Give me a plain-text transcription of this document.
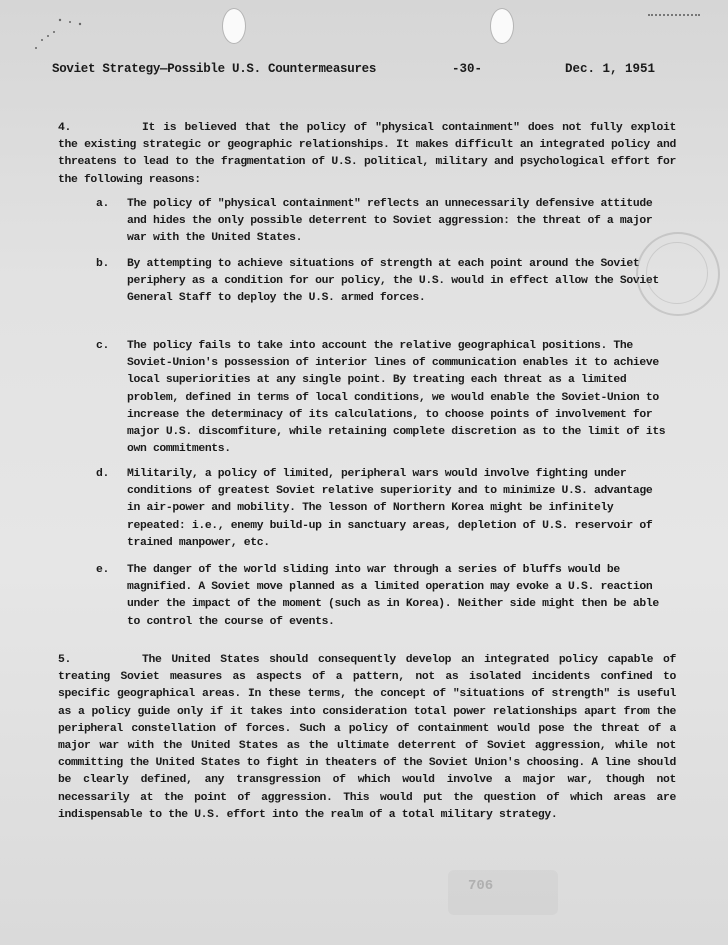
Soviet Strategy—Possible U.S. Countermeasures	-30-	Dec. 1, 1951
4.	It is believed that the policy of "physical containment" does not fully exploit the existing strategic or geographic relationships. It makes difficult an integrated policy and threatens to lead to the fragmentation of U.S. political, military and psychological effort for the following reasons:
a. The policy of "physical containment" reflects an unnecessarily defensive attitude and hides the only possible deterrent to Soviet aggression: the threat of a major war with the United States.
b. By attempting to achieve situations of strength at each point around the Soviet periphery as a condition for our policy, the U.S. would in effect allow the Soviet General Staff to deploy the U.S. armed forces.
c. The policy fails to take into account the relative geographical positions. The Soviet-Union's possession of interior lines of communication enables it to achieve local superiorities at any single point. By treating each threat as a limited problem, defined in terms of local conditions, we would enable the Soviet-Union to increase the determinacy of its calculations, to choose points of involvement for major U.S. discomfiture, while retaining complete discretion as to the limit of its own commitments.
d. Militarily, a policy of limited, peripheral wars would involve fighting under conditions of greatest Soviet relative superiority and to minimize U.S. advantage in air-power and mobility. The lesson of Northern Korea might be infinitely repeated: i.e., enemy build-up in sanctuary areas, depletion of U.S. reservoir of trained manpower, etc.
e. The danger of the world sliding into war through a series of bluffs would be magnified. A Soviet move planned as a limited operation may evoke a U.S. reaction under the impact of the moment (such as in Korea). Neither side might then be able to control the course of events.
5.	The United States should consequently develop an integrated policy capable of treating Soviet measures as aspects of a pattern, not as isolated incidents confined to specific geographical areas. In these terms, the concept of "situations of strength" is useful as a policy guide only if it takes into consideration total power relationships apart from the peripheral constellation of forces. Such a policy of containment would pose the threat of a major war with the United States as the ultimate deterrent of Soviet aggression, while not committing the United States to fight in theaters of the Soviet Union's choosing. A line should be clearly defined, any transgression of which would involve a major war, though not necessarily at the point of aggression. This would put the question of which areas are indispensable to the U.S. effort into the realm of a total military strategy.
706
